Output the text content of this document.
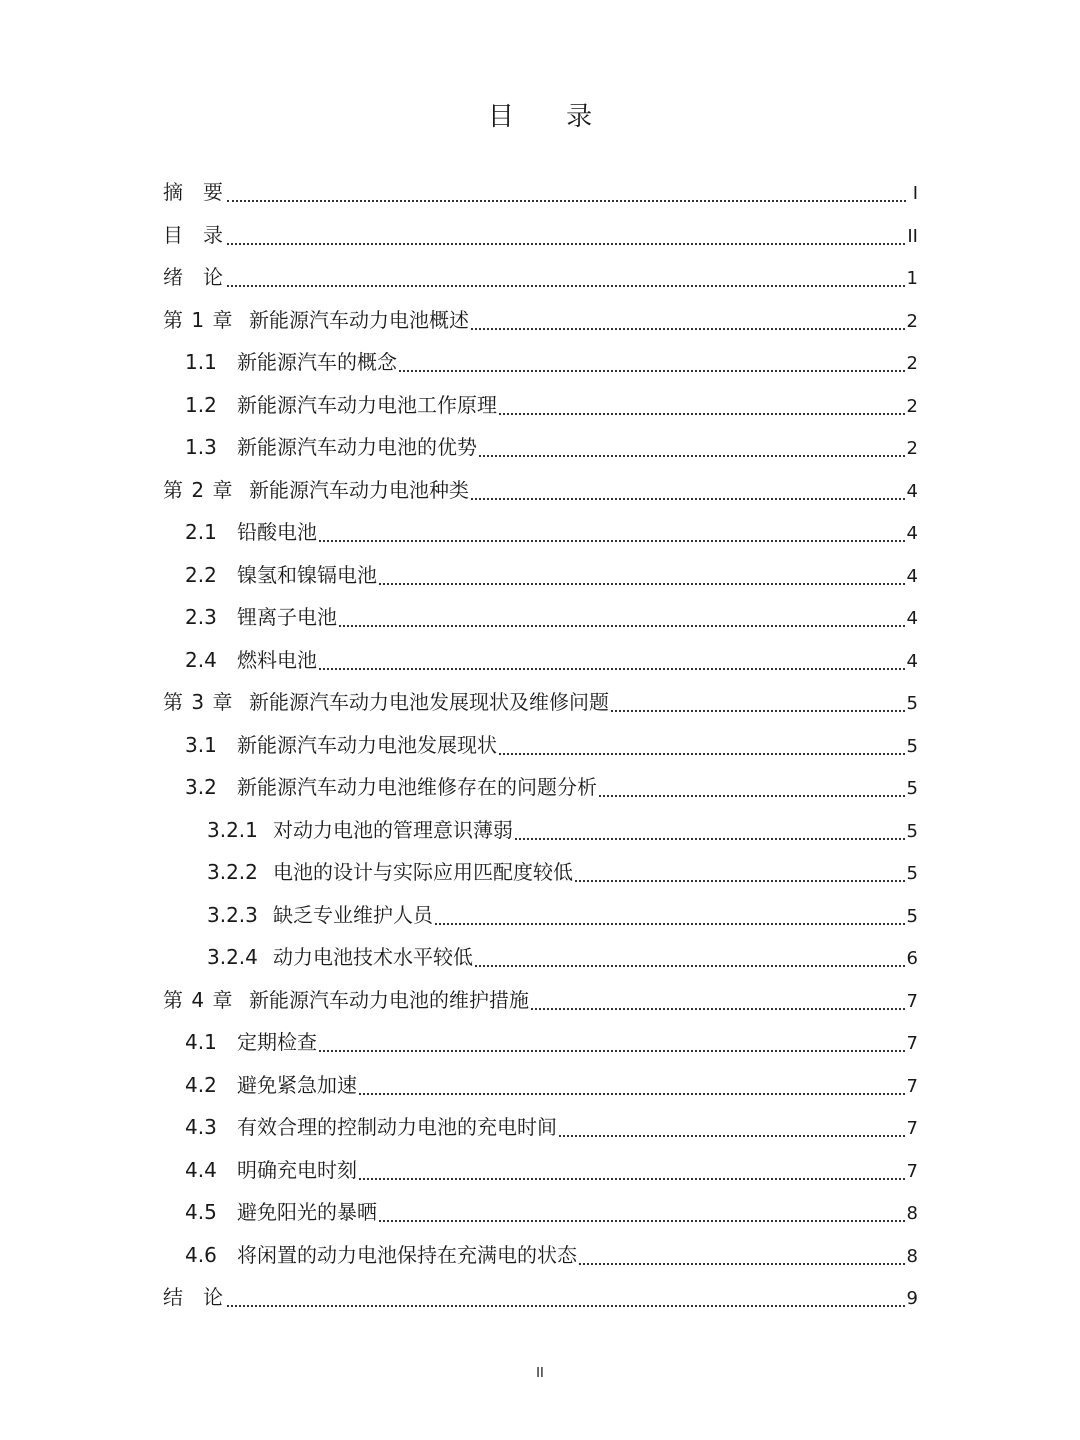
目 录
摘要	I
目录	II
绪论	1
第 1 章 新能源汽车动力电池概述	2
1.1	新能源汽车的概念	2
1.2	新能源汽车动力电池工作原理	2
1.3	新能源汽车动力电池的优势	2
第 2 章 新能源汽车动力电池种类	4
2.1	铅酸电池	4
2.2	镍氢和镍镉电池	4
2.3	锂离子电池	4
2.4	燃料电池	4
第 3 章 新能源汽车动力电池发展现状及维修问题	5
3.1	新能源汽车动力电池发展现状	5
3.2	新能源汽车动力电池维修存在的问题分析	5
3.2.1 对动力电池的管理意识薄弱	5
3.2.2 电池的设计与实际应用匹配度较低	5
3.2.3 缺乏专业维护人员	5
3.2.4 动力电池技术水平较低	6
第 4 章 新能源汽车动力电池的维护措施	7
4.1	定期检查	7
4.2	避免紧急加速	7
4.3	有效合理的控制动力电池的充电时间	7
4.4	明确充电时刻	7
4.5	避免阳光的暴晒	8
4.6	将闲置的动力电池保持在充满电的状态	8
结论	9
II
